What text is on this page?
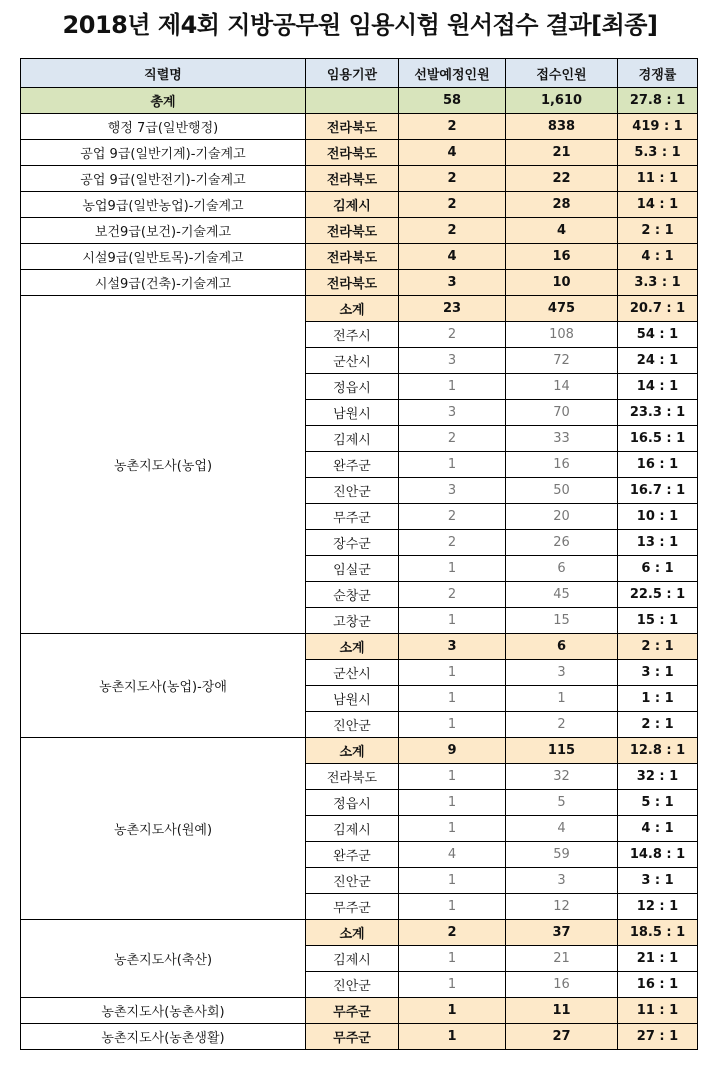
2018년 제4회 지방공무원 임용시험 원서접수 결과[최종]
직렬명	임용기관	선발예정인원	접수인원	경쟁률
총계		58	1,610	27.8 : 1
행정 7급(일반행정)	전라북도	2	838	419 : 1
공업 9급(일반기계)-기술계고	전라북도	4	21	5.3 : 1
공업 9급(일반전기)-기술계고	전라북도	2	22	11 : 1
농업9급(일반농업)-기술계고	김제시	2	28	14 : 1
보건9급(보건)-기술계고	전라북도	2	4	2 : 1
시설9급(일반토목)-기술계고	전라북도	4	16	4 : 1
시설9급(건축)-기술계고	전라북도	3	10	3.3 : 1
농촌지도사(농업)	소계	23	475	20.7 : 1
	전주시	2	108	54 : 1
	군산시	3	72	24 : 1
	정읍시	1	14	14 : 1
	남원시	3	70	23.3 : 1
	김제시	2	33	16.5 : 1
	완주군	1	16	16 : 1
	진안군	3	50	16.7 : 1
	무주군	2	20	10 : 1
	장수군	2	26	13 : 1
	임실군	1	6	6 : 1
	순창군	2	45	22.5 : 1
	고창군	1	15	15 : 1
농촌지도사(농업)-장애	소계	3	6	2 : 1
	군산시	1	3	3 : 1
	남원시	1	1	1 : 1
	진안군	1	2	2 : 1
농촌지도사(원예)	소계	9	115	12.8 : 1
	전라북도	1	32	32 : 1
	정읍시	1	5	5 : 1
	김제시	1	4	4 : 1
	완주군	4	59	14.8 : 1
	진안군	1	3	3 : 1
	무주군	1	12	12 : 1
농촌지도사(축산)	소계	2	37	18.5 : 1
	김제시	1	21	21 : 1
	진안군	1	16	16 : 1
농촌지도사(농촌사회)	무주군	1	11	11 : 1
농촌지도사(농촌생활)	무주군	1	27	27 : 1
